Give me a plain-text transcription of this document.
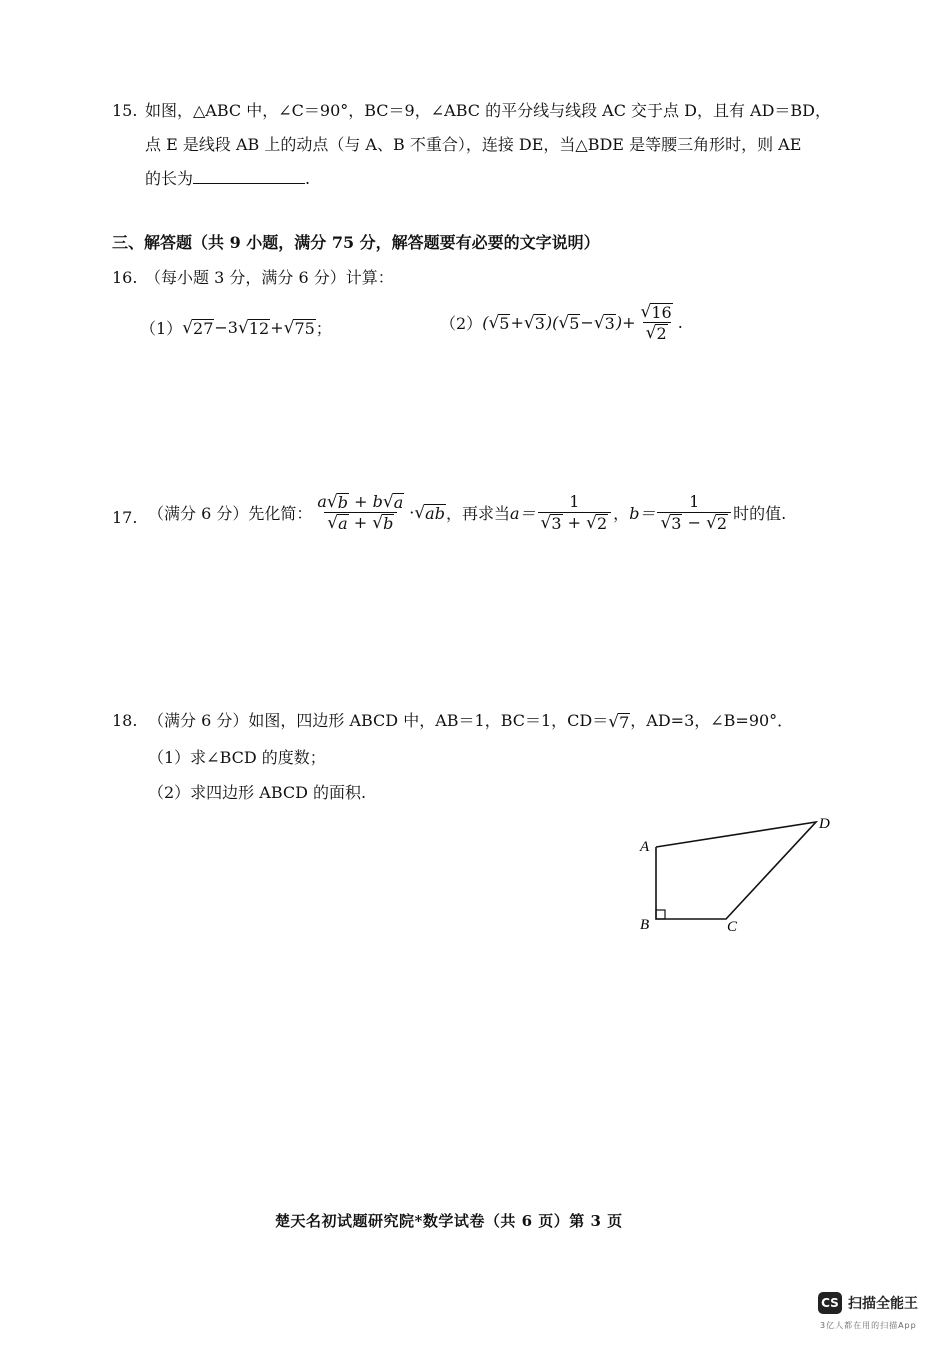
15. 如图，△ABC 中，∠C＝90°，BC＝9，∠ABC 的平分线与线段 AC 交于点 D，且有 AD＝BD，
点 E 是线段 AB 上的动点（与 A、B 不重合），连接 DE，当△BDE 是等腰三角形时，则 AE
的长为	.
三、解答题（共 9 小题，满分 75 分，解答题要有必要的文字说明）
16. （每小题 3 分，满分 6 分）计算：
（1） √ 27 −3 √ 12 + √ 75 ；	（2） ( √ 5 + √ 3 )( √ 5 − √ 3 )+ $\frac{√ 16}{√ 2}$ .
17. （满分 6 分）先化简： $\frac{a √ b + b √ a}{√ a + √ b}$ · √ ab ，再求当 $a= \frac{1}{√ 3 + √ 2}$ ， $b= \frac{1}{√ 3 - √ 2}$ 时的值.
18. （满分 6 分）如图，四边形 ABCD 中，AB＝1，BC＝1，CD＝ √ 7 ，AD=3，∠B=90°．
（1）求∠BCD 的度数；
（2）求四边形 ABCD 的面积.
A
B	C
D
楚天名初试题研究院*数学试卷（共 6 页）第 3 页
CS 扫描全能王
3亿人都在用的扫描App
